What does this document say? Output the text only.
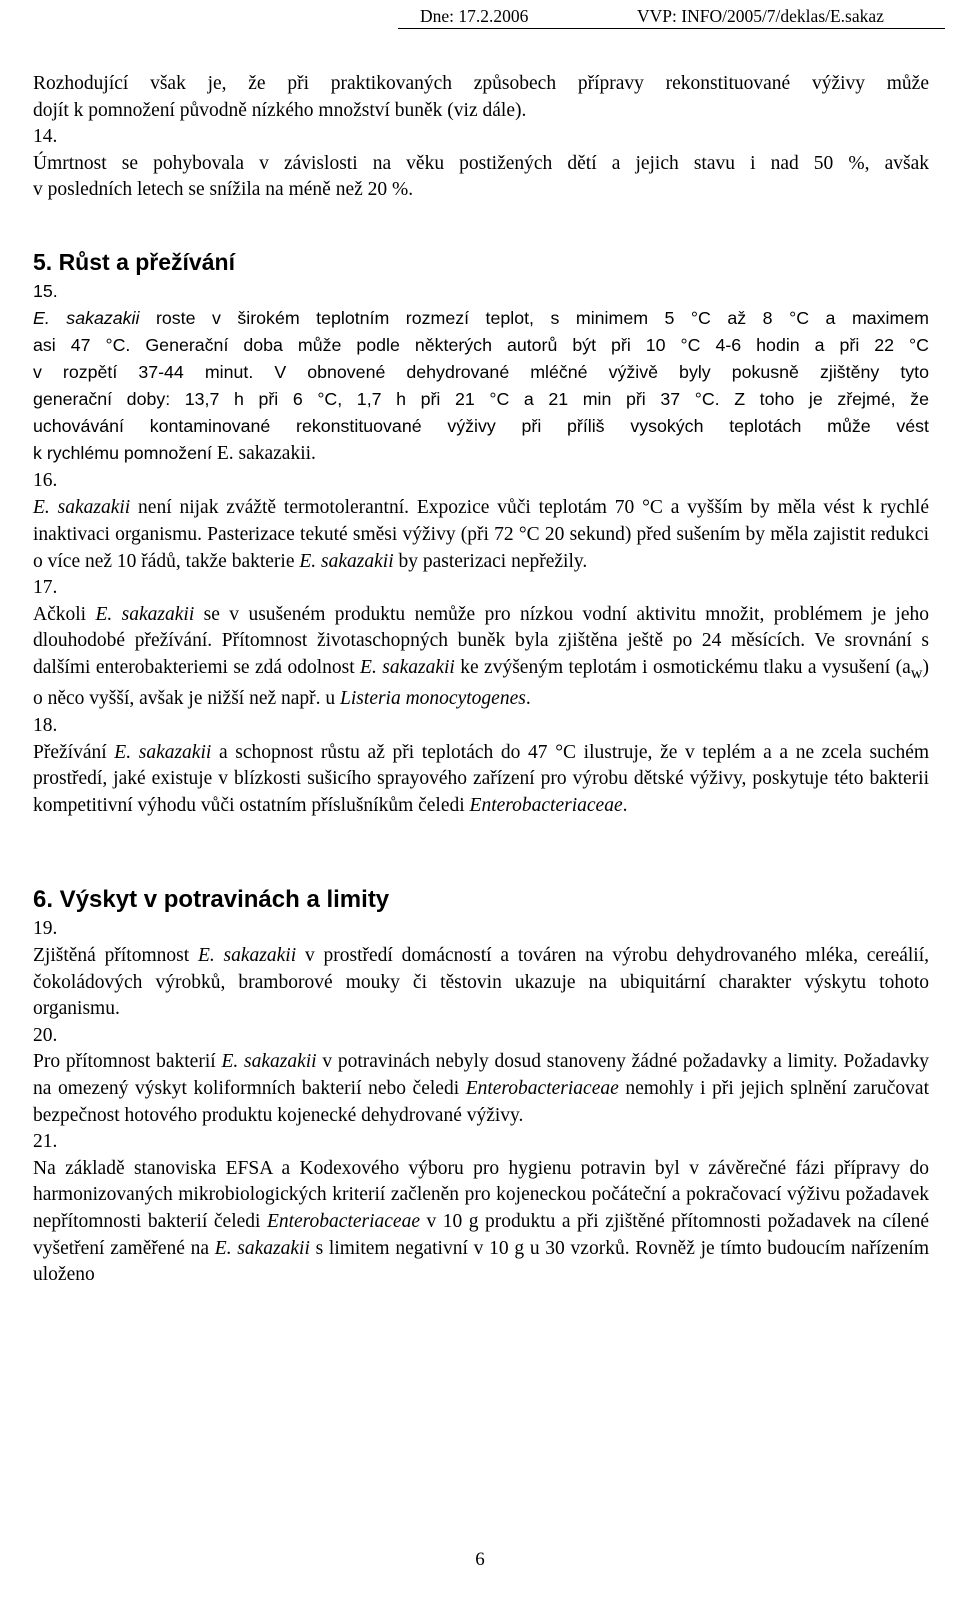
Dne: 17.2.2006	VVP: INFO/2005/7/deklas/E.sakaz

Rozhodující však je, že při praktikovaných způsobech přípravy rekonstituované výživy může

dojít k pomnožení původně nízkého množství buněk (viz dále).

14.

Úmrtnost se pohybovala v závislosti na věku postižených dětí a jejich stavu i nad 50 %, avšak

v posledních letech se snížila na méně než 20 %.

5. Růst a přežívání

15.

E. sakazakii roste v širokém teplotním rozmezí teplot, s minimem 5 °C až 8 °C a maximem

asi 47 °C. Generační doba může podle některých autorů být při 10 °C 4-6 hodin a při 22 °C

v rozpětí 37-44 minut. V obnovené dehydrované mléčné výživě byly pokusně zjištěny tyto

generační doby: 13,7 h při 6 °C, 1,7 h při 21 °C a 21 min při 37 °C. Z toho je zřejmé, že

uchovávání kontaminované rekonstituované výživy při příliš vysokých teplotách může vést

k rychlému pomnožení E. sakazakii.

16.

E. sakazakii není nijak zvážtě termotolerantní. Expozice vůči teplotám 70 °C a vyšším by měla vést k rychlé inaktivaci organismu. Pasterizace tekuté směsi výživy (při 72 °C 20 sekund) před sušením by měla zajistit redukci o více než 10 řádů, takže bakterie E. sakazakii by pasterizaci nepřežily.

17.

Ačkoli E. sakazakii se v usušeném produktu nemůže pro nízkou vodní aktivitu množit, problémem je jeho dlouhodobé přežívání. Přítomnost životaschopných buněk byla zjištěna ještě po 24 měsících. Ve srovnání s dalšími enterobakteriemi se zdá odolnost E. sakazakii ke zvýšeným teplotám i osmotickému tlaku a vysušení $(a_w)$ o něco vyšší, avšak je nižší než např. u Listeria monocytogenes.

18.

Přežívání E. sakazakii a schopnost růstu až při teplotách do 47 °C ilustruje, že v teplém a a ne zcela suchém prostředí, jaké existuje v blízkosti sušicího sprayového zařízení pro výrobu dětské výživy, poskytuje této bakterii kompetitivní výhodu vůči ostatním příslušníkům čeledi Enterobacteriaceae.

6. Výskyt v potravinách a limity

19.

Zjištěná přítomnost E. sakazakii v prostředí domácností a továren na výrobu dehydrovaného mléka, cereálií, čokoládových výrobků, bramborové mouky či těstovin ukazuje na ubiquitární charakter výskytu tohoto organismu.

20.

Pro přítomnost bakterií E. sakazakii v potravinách nebyly dosud stanoveny žádné požadavky a limity. Požadavky na omezený výskyt koliformních bakterií nebo čeledi Enterobacteriaceae nemohly i při jejich splnění zaručovat bezpečnost hotového produktu kojenecké dehydrované výživy.

21.

Na základě stanoviska EFSA a Kodexového výboru pro hygienu potravin byl v závěrečné fázi přípravy do harmonizovaných mikrobiologických kriterií začleněn pro kojeneckou počáteční a pokračovací výživu požadavek nepřítomnosti bakterií čeledi Enterobacteriaceae v 10 g produktu a při zjištěné přítomnosti požadavek na cílené vyšetření zaměřené na E. sakazakii s limitem negativní v 10 g u 30 vzorků. Rovněž je tímto budoucím nařízením uloženo

6
